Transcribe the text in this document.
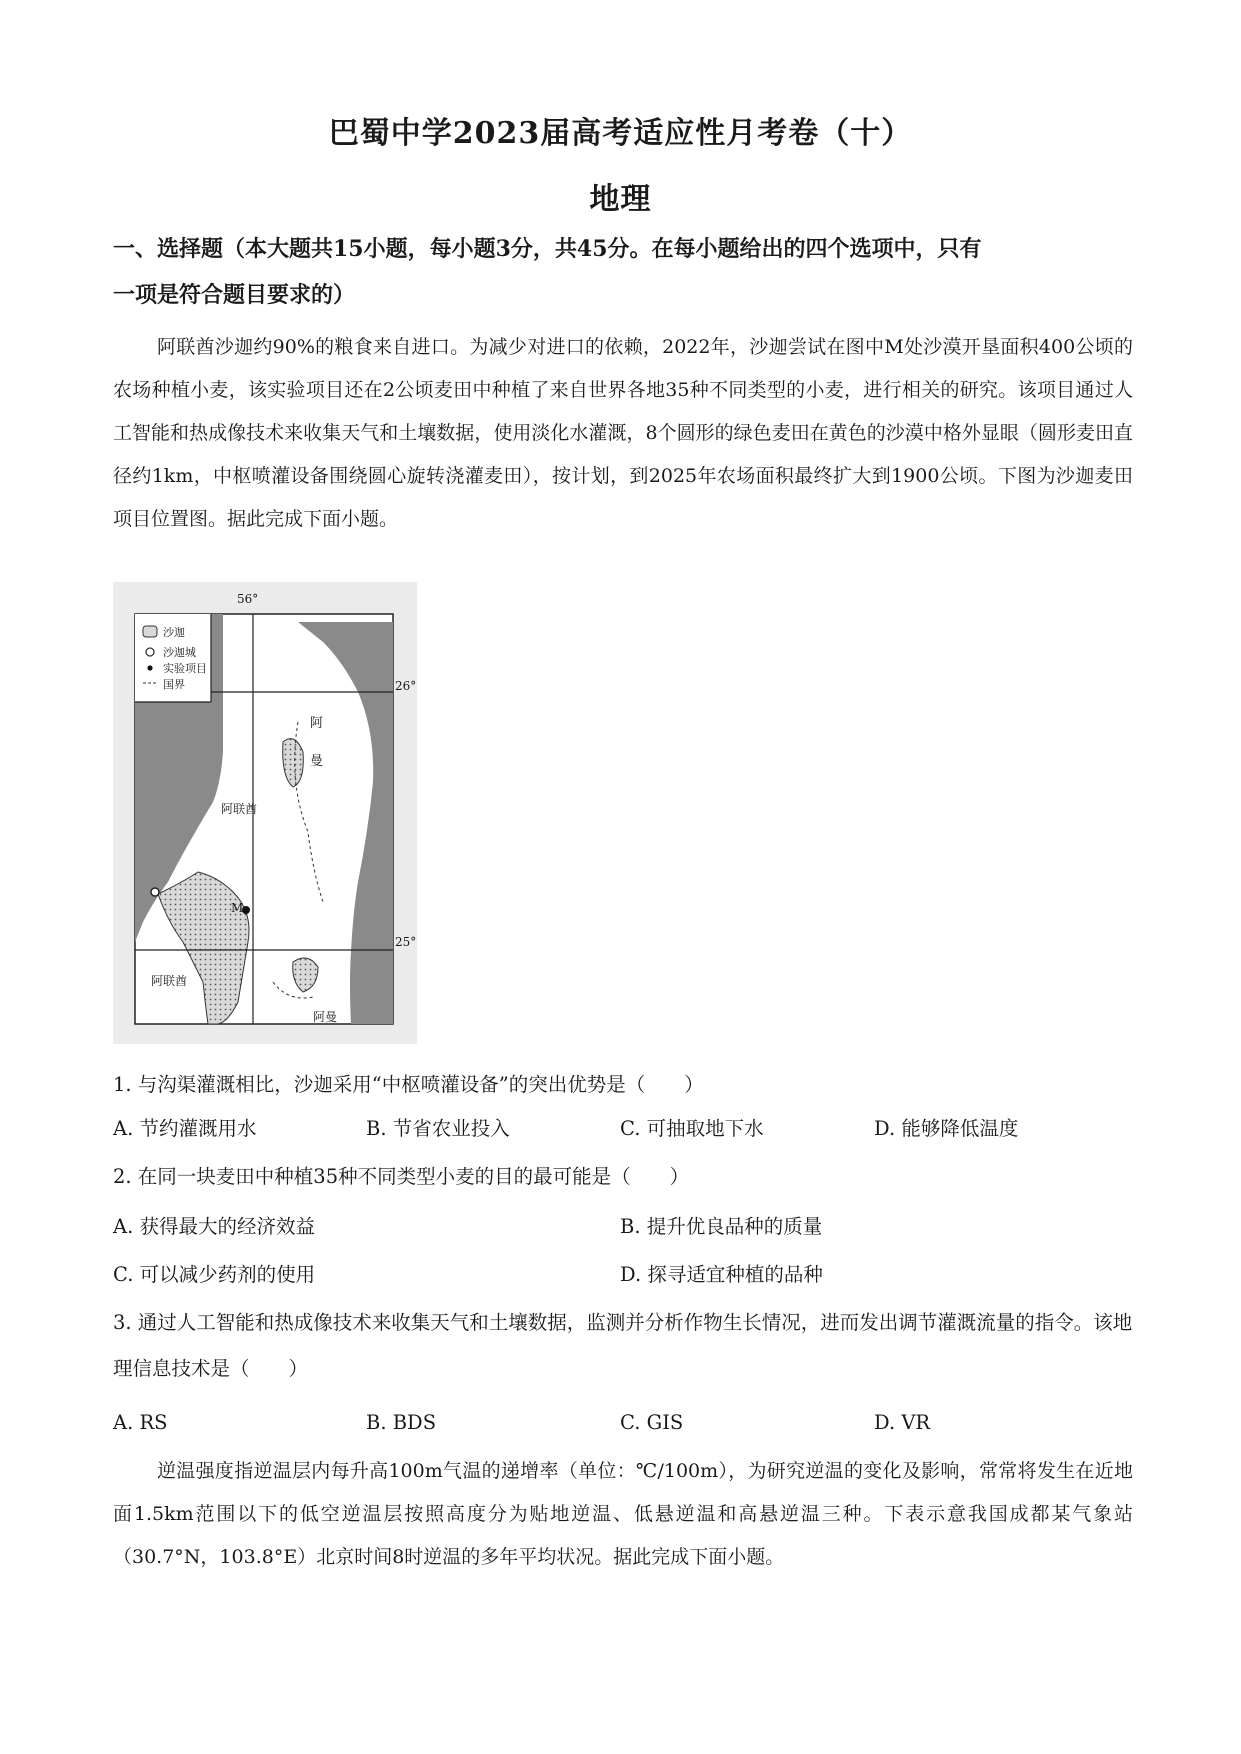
巴蜀中学2023届高考适应性月考卷（十）
地理
一、选择题（本大题共15小题，每小题3分，共45分。在每小题给出的四个选项中，只有
一项是符合题目要求的）
阿联酋沙迦约90%的粮食来自进口。为减少对进口的依赖，2022年，沙迦尝试在图中M处沙漠开垦面积400公顷的农场种植小麦，该实验项目还在2公顷麦田中种植了来自世界各地35种不同类型的小麦，进行相关的研究。该项目通过人工智能和热成像技术来收集天气和土壤数据，使用淡化水灌溉，8个圆形的绿色麦田在黄色的沙漠中格外显眼（圆形麦田直径约1km，中枢喷灌设备围绕圆心旋转浇灌麦田），按计划，到2025年农场面积最终扩大到1900公顷。下图为沙迦麦田项目位置图。据此完成下面小题。
56°
26°
25°
沙迦
沙迦城
实验项目
国界
阿联酋
阿
曼
阿联酋
阿曼
M
1. 与沟渠灌溉相比，沙迦采用“中枢喷灌设备”的突出优势是（　　）
A. 节约灌溉用水	B. 节省农业投入	C. 可抽取地下水	D. 能够降低温度
2. 在同一块麦田中种植35种不同类型小麦的目的最可能是（　　）
A. 获得最大的经济效益	B. 提升优良品种的质量
C. 可以减少药剂的使用	D. 探寻适宜种植的品种
3. 通过人工智能和热成像技术来收集天气和土壤数据，监测并分析作物生长情况，进而发出调节灌溉流量的指令。该地理信息技术是（　　）
A. RS	B. BDS	C. GIS	D. VR
逆温强度指逆温层内每升高100m气温的递增率（单位：℃/100m），为研究逆温的变化及影响，常常将发生在近地面1.5km范围以下的低空逆温层按照高度分为贴地逆温、低悬逆温和高悬逆温三种。下表示意我国成都某气象站（30.7°N，103.8°E）北京时间8时逆温的多年平均状况。据此完成下面小题。
